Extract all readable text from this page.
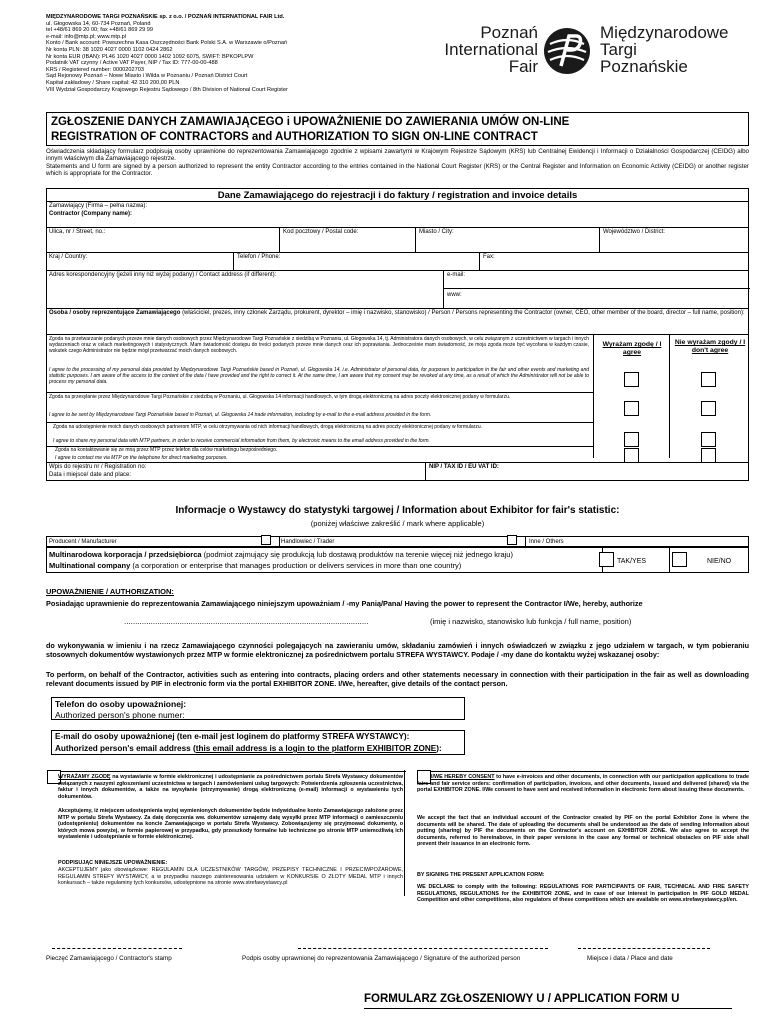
MIĘDZYNARODOWE TARGI POZNAŃSKIE sp. z o.o. / POZNAŃ INTERNATIONAL FAIR Ltd.
ul. Głogowska 14, 60-734 Poznań, Poland
tel +48/61 869 20 00; fax +48/61 869 29 99
e-mail: info@mtp.pl; www.mtp.pl
Konto / Bank account: Powszechna Kasa Oszczędności Bank Polski S.A. w Warszawie o/Poznań
Nr konta PLN: 38 1020 4027 0000 1102 0424 2862
Nr konta EUR (IBAN): PL46 1020 4027 0000 1402 1092 6075, SWIFT: BPKOPLPW
Podatnik VAT czynny / Active VAT Payer, NIP / Tax ID: 777-00-00-488
KRS / Registered number: 0000202703
Sąd Rejonowy Poznań – Nowe Miasto i Wilda w Poznaniu / Poznań District Court
Kapitał zakładowy / Share capital: 42 310 200,00 PLN
VIII Wydział Gospodarczy Krajowego Rejestru Sądowego / 8th Division of National Court Register
Poznań
International
Fair
Międzynarodowe
Targi
Poznańskie
ZGŁOSZENIE DANYCH ZAMAWIAJĄCEGO i UPOWAŻNIENIE DO ZAWIERANIA UMÓW ON-LINE
REGISTRATION OF CONTRACTORS and AUTHORIZATION TO SIGN ON-LINE CONTRACT
Oświadczenia składający formularz podpisują osoby uprawnione do reprezentowania Zamawiającego zgodnie z wpisami zawartymi w Krajowym Rejestrze Sądowym (KRS) lub Centralnej Ewidencji i Informacji o Działalności Gospodarczej (CEIDG) albo innym właściwym dla Zamawiającego rejestrze.
Statements and U form are signed by a person authorized to represent the entity Contractor according to the entries contained in the National Court Register (KRS) or the Central Register and Information on Economic Activity (CEIDG) or another register which is appropriate for the Contractor.
Dane Zamawiającego do rejestracji i do faktury / registration and invoice details
Zamawiający (Firma – pełna nazwa):
Contractor (Company name):
Ulica, nr / Street, no.:	Kod pocztowy / Postal code:	Miasto / City:	Województwo / District:
Kraj / Country:	Telefon / Phone:	Fax:
Adres korespondencyjny (jeżeli inny niż wyżej podany) / Contact address (if different):	e-mail:
www:
Osoba / osoby reprezentujące Zamawiającego (właściciel, prezes, inny członek Zarządu, prokurent, dyrektor – imię i nazwisko, stanowisko) / Person / Persons representing the Contractor (owner, CEO, other member of the board, director – full name, position):
Wyrażam zgodę / I agree
Nie wyrażam zgody / I don't agree
Zgoda na przetwarzanie podanych przeze mnie danych osobowych przez Międzynarodowe Targi Poznańskie z siedzibą w Poznaniu, ul. Głogowska 14, tj. Administratora danych osobowych, w celu związanym z uczestnictwem w targach i innych wydarzeniach oraz w celach marketingowych i statystycznych. Mam świadomość dostępu do treści podanych przeze mnie danych oraz ich poprawiania. Jednocześnie mam świadomość, że moja zgoda może być wycofana w każdym czasie, wskutek czego Administrator nie będzie mógł przetwarzać moich danych osobowych.
I agree to the processing of my personal data provided by Międzynarodowe Targi Poznańskie based in Poznań, ul. Głogowska 14, i.e. Administrator of personal data, for purposes to participation in the fair and other events and marketing and statistic purposes. I am aware of the access to the content of the data I have provided and the right to correct it. At the same time, I am aware that my consent may be revoked at any time, as a result of which the Administrator will not be able to process my personal data.
Zgoda na przesyłanie przez Międzynarodowe Targi Poznańskie z siedzibą w Poznaniu, ul. Głogowska 14 informacji handlowych, w tym drogą elektroniczną na adres poczty elektronicznej podany w formularzu.
I agree to be sent by Międzynarodowe Targi Poznańskie based in Poznań, ul. Głogowska 14 trade information, including by e-mail to the e-mail address provided in the form.
Zgoda na udostępnienie moich danych osobowych partnerom MTP, w celu otrzymywania od nich informacji handlowych, drogą elektroniczną na adres poczty elektronicznej podany w formularzu.
I agree to share my personal data with MTP partners, in order to receive commercial information from them, by electronic means to the email address provided in the form.
Zgoda na kontaktowanie się ze mną przez MTP przez telefon dla celów marketingu bezpośredniego.
I agree to contact me via MTP on the telephone for direct marketing purposes.
Wpis do rejestru nr / Registration no:
Data i miejsce/ date and place:
NIP / TAX ID / EU VAT ID:
Informacje o Wystawcy do statystyki targowej / Information about Exhibitor for fair's statistic:
(poniżej właściwe zakreślić / mark where applicable)
Producent / Manufacturer	Handlowiec / Trader	Inne / Others
Multinarodowa korporacja / przedsiębiorca (podmiot zajmujący się produkcją lub dostawą produktów na terenie więcej niż jednego kraju)
Multinational company (a corporation or enterprise that manages production or delivers services in more than one country)	TAK/YES	NIE/NO
UPOWAŻNIENIE / AUTHORIZATION:
Posiadając uprawnienie do reprezentowania Zamawiającego niniejszym upoważniam / -my Panią/Pana/ Having the power to represent the Contractor I/We, hereby, authorize
..............................................................................................................	(imię i nazwisko, stanowisko lub funkcja / full name, position)
do wykonywania w imieniu i na rzecz Zamawiającego czynności polegających na zawieraniu umów, składaniu zamówień i innych oświadczeń w związku z jego udziałem w targach, w tym pobieraniu stosownych dokumentów wystawionych przez MTP w formie elektronicznej za pośrednictwem portalu STREFA WYSTAWCY. Podaje / -my dane do kontaktu wyżej wskazanej osoby:
To perform, on behalf of the Contractor, activities such as entering into contracts, placing orders and other statements necessary in connection with their participation in the fair as well as downloading relevant documents issued by PIF in electronic form via the portal EXHIBITOR ZONE. I/We, hereafter, give details of the contact person.
Telefon do osoby upoważnionej:
Authorized person's phone numer:
E-mail do osoby upoważnionej (ten e-mail jest loginem do platformy STREFA WYSTAWCY):
Authorized person's email address (this email address is a login to the platform EXHIBITOR ZONE):
WYRAŻAMY ZGODĘ na wystawianie w formie elektronicznej i udostępnianie za pośrednictwem portalu Strefa Wystawcy dokumentów związanych z naszymi zgłoszeniami uczestnictwa w targach i zamówieniami usług targowych: Potwierdzenia zgłoszenia uczestnictwa, faktur i innych dokumentów, a także na wysyłanie (otrzymywanie) drogą elektroniczną (e-mail) informacji o wystawieniu tych dokumentów.
Akceptujemy, iż miejscem udostępnienia wyżej wymienionych dokumentów będzie indywidualne konto Zamawiającego założone przez MTP w portalu Strefa Wystawcy. Za datę doręczenia ww. dokumentów uznajemy datę wysyłki przez MTP informacji o zamieszczeniu (udostępnieniu) dokumentów na koncie Zamawiającego w portalu Strefa Wystawcy. Zobowiązujemy się przyjmować dokumenty, o których mowa powyżej, w formie papierowej w przypadku, gdy przeszkody formalne lub techniczne po stronie MTP uniemożliwią ich wystawienie i udostępnianie w formie elektronicznej.
PODPISUJĄC NINIEJSZE UPOWAŻNIENIE:
AKCEPTUJEMY jako obowiązkowe: REGULAMIN DLA UCZESTNIKÓW TARGÓW, PRZEPISY TECHNICZNE I PRZECIWPOŻAROWE, REGULAMIN STREFY WYSTAWCY, a w przypadku naszego zainteresowania udziałem w KONKURSIE O ZŁOTY MEDAL MTP i innych konkursach – także regulaminy tych konkursów, udostępnione na stronie www.strefawystawcy.pl
I/WE HEREBY CONSENT to have e-invoices and other documents, in connection with our participation applications to trade fairs and fair service orders: confirmation of participation, invoices, and other documents, issued and delivered (shared) via the portal EXHIBITOR ZONE. I/We consent to have sent and received information in electronic form about issuing these documents.
We accept the fact that an individual account of the Contractor created by PIF on the portal Exhibitor Zone is where the documents will be shared. The date of uploading the documents shall be understood as the date of sending information about putting (sharing) by PIF the documents on the Contractor's account on EXHIBITOR ZONE. We also agree to accept the documents, referred to hereinabove, in their paper versions in the case any formal or technical obstacles on PIF side shall prevent their issuance in an electronic form.
BY SIGNING THE PRESENT APPLICATION FORM:
WE DECLARE to comply with the following: REGULATIONS FOR PARTICIPANTS OF FAIR, TECHNICAL AND FIRE SAFETY REGULATIONS, REGULATIONS for the EXHIBITOR ZONE, and in case of our interest in participation in PIF GOLD MEDAL Competition and other competitions, also regulators of these competitions which are available on www.strefawystawcy.pl/en.
Pieczęć Zamawiającego / Contractor's stamp	Podpis osoby uprawnionej do reprezentowania Zamawiającego / Signature of the authorized person	Miejsce i data / Place and date
FORMULARZ ZGŁOSZENIOWY U / APPLICATION FORM U
